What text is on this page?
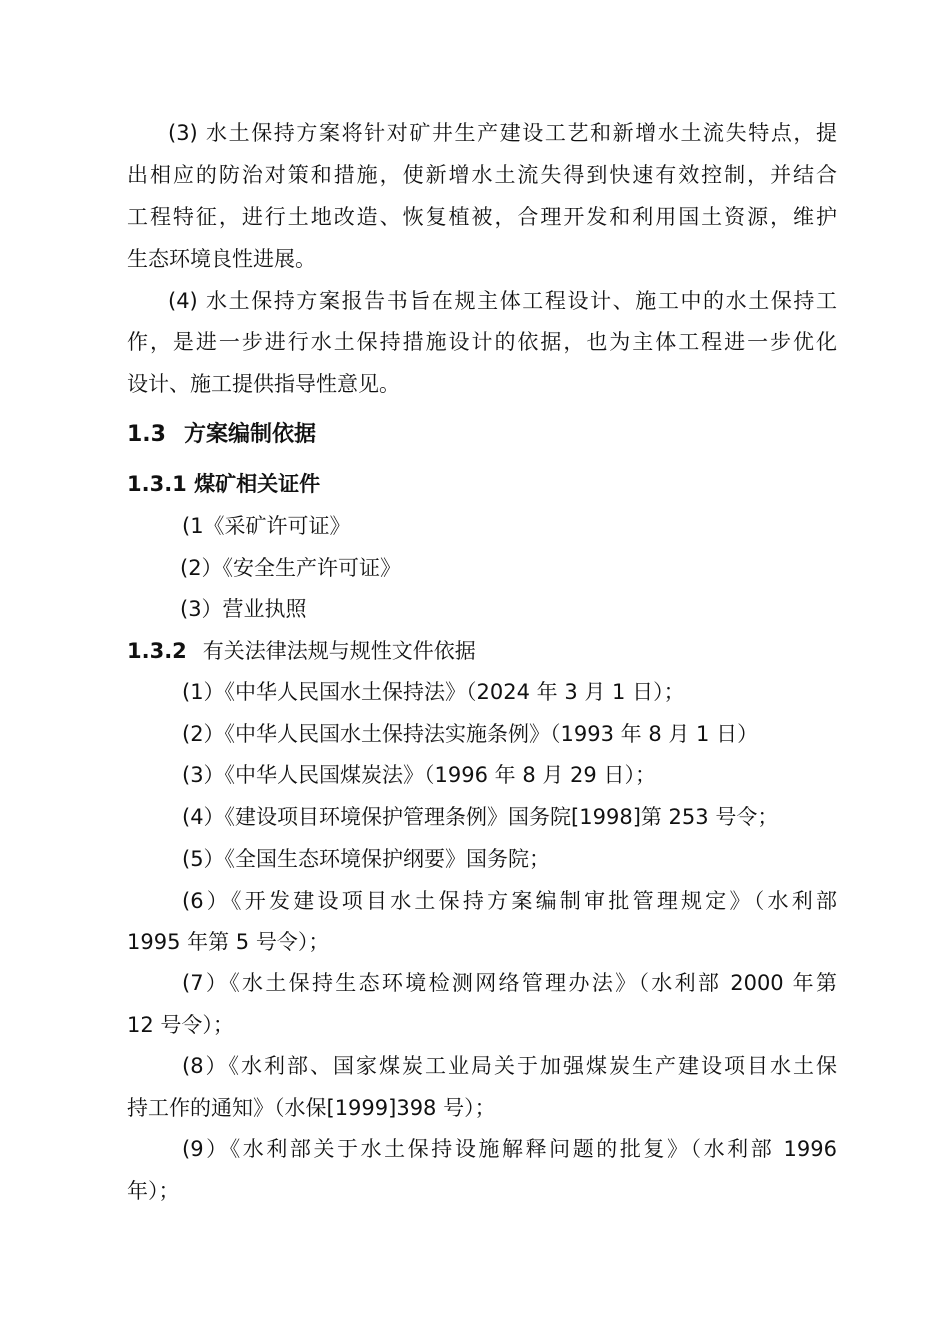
(3) 水土保持方案将针对矿井生产建设工艺和新增水土流失特点，提
出相应的防治对策和措施，使新增水土流失得到快速有效控制，并结合
工程特征，进行土地改造、恢复植被，合理开发和利用国土资源，维护
生态环境良性进展。
(4) 水土保持方案报告书旨在规主体工程设计、施工中的水土保持工
作，是进一步进行水土保持措施设计的依据，也为主体工程进一步优化
设计、施工提供指导性意见。
1.3 方案编制依据
1.3.1 煤矿相关证件
(1《采矿许可证》
(2）《安全生产许可证》
(3）营业执照
1.3.2 有关法律法规与规性文件依据
(1）《中华人民国水土保持法》（2024 年 3 月 1 日）；
(2）《中华人民国水土保持法实施条例》（1993 年 8 月 1 日）
(3）《中华人民国煤炭法》（1996 年 8 月 29 日）；
(4）《建设项目环境保护管理条例》国务院[1998]第 253 号令；
(5）《全国生态环境保护纲要》国务院；
(6）《开发建设项目水土保持方案编制审批管理规定》（水利部
1995 年第 5 号令）；
(7）《水土保持生态环境检测网络管理办法》（水利部 2000 年第
12 号令）；
(8）《水利部、国家煤炭工业局关于加强煤炭生产建设项目水土保
持工作的通知》（水保[1999]398 号）；
(9）《水利部关于水土保持设施解释问题的批复》（水利部 1996
年）；
